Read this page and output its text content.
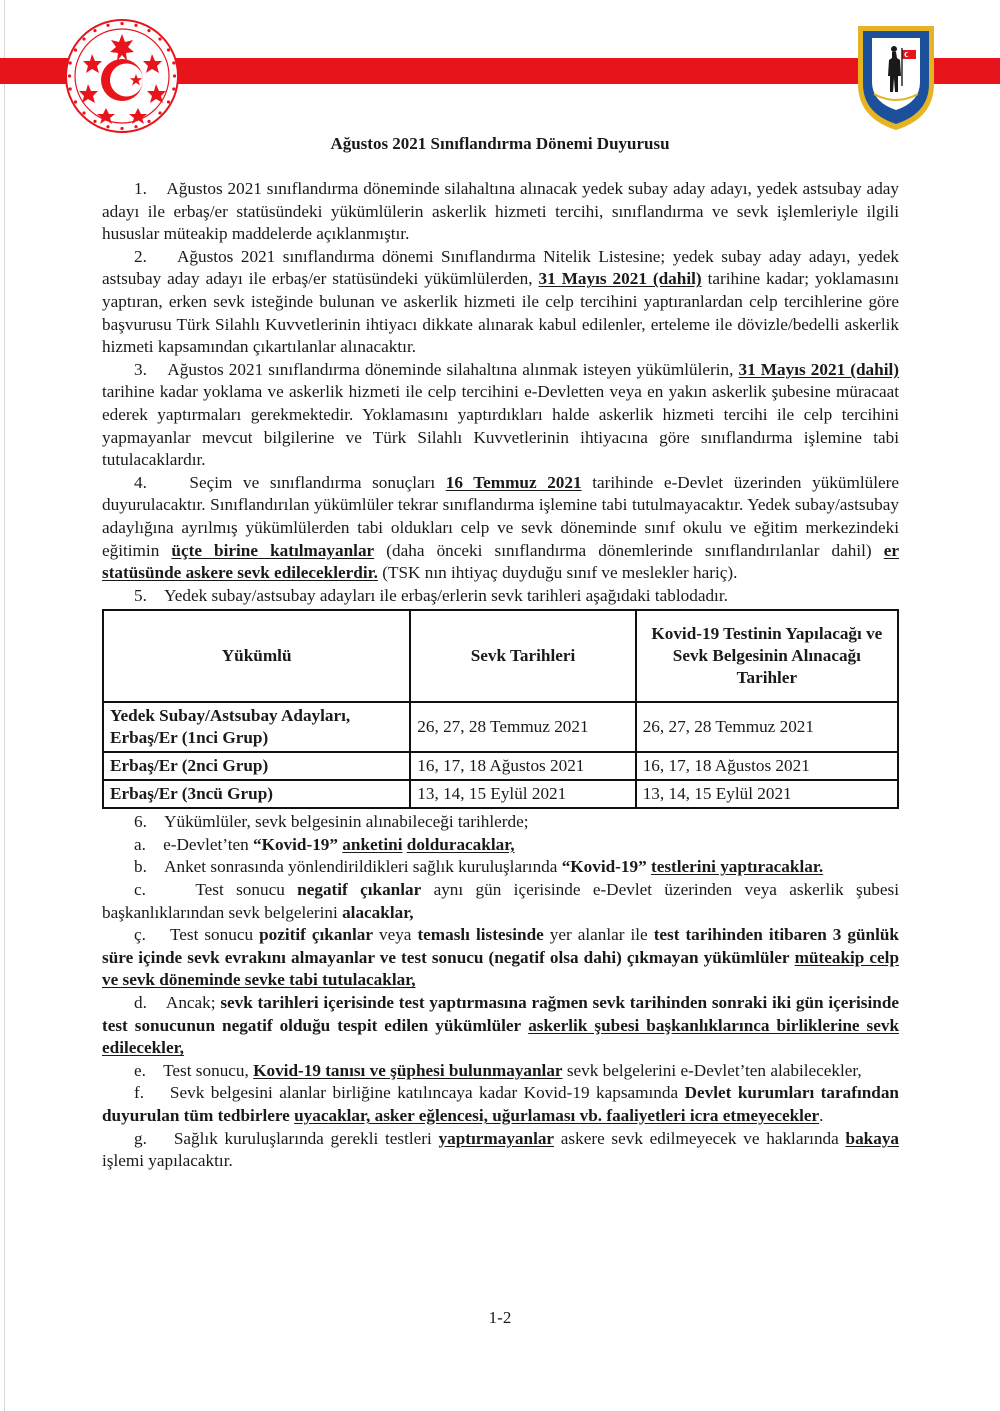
Ağustos 2021 Sınıflandırma Dönemi Duyurusu

1.    Ağustos 2021 sınıflandırma döneminde silahaltına alınacak yedek subay aday adayı, yedek astsubay aday adayı ile erbaş/er statüsündeki yükümlülerin askerlik hizmeti tercihi, sınıflandırma ve sevk işlemleriyle ilgili hususlar müteakip maddelerde açıklanmıştır.

2. Ağustos 2021 sınıflandırma dönemi Sınıflandırma Nitelik Listesine; yedek subay aday adayı, yedek astsubay aday adayı ile erbaş/er statüsündeki yükümlülerden, 31 Mayıs 2021 (dahil) tarihine kadar; yoklamasını yaptıran, erken sevk isteğinde bulunan ve askerlik hizmeti ile celp tercihini yaptıranlardan celp tercihlerine göre başvurusu Türk Silahlı Kuvvetlerinin ihtiyacı dikkate alınarak kabul edilenler, erteleme ile dövizle/bedelli askerlik hizmeti kapsamından çıkartılanlar alınacaktır.

3. Ağustos 2021 sınıflandırma döneminde silahaltına alınmak isteyen yükümlülerin, 31 Mayıs 2021 (dahil) tarihine kadar yoklama ve askerlik hizmeti ile celp tercihini e-Devletten veya en yakın askerlik şubesine müracaat ederek yaptırmaları gerekmektedir. Yoklamasını yaptırdıkları halde askerlik hizmeti tercihi ile celp tercihini yapmayanlar mevcut bilgilerine ve Türk Silahlı Kuvvetlerinin ihtiyacına göre sınıflandırma işlemine tabi tutulacaklardır.

4. Seçim ve sınıflandırma sonuçları 16 Temmuz 2021 tarihinde e-Devlet üzerinden yükümlülere duyurulacaktır. Sınıflandırılan yükümlüler tekrar sınıflandırma işlemine tabi tutulmayacaktır. Yedek subay/astsubay adaylığına ayrılmış yükümlülerden tabi oldukları celp ve sevk döneminde sınıf okulu ve eğitim merkezindeki eğitimin üçte birine katılmayanlar (daha önceki sınıflandırma dönemlerinde sınıflandırılanlar dahil) er statüsünde askere sevk edileceklerdir. (TSK nın ihtiyaç duyduğu sınıf ve meslekler hariç).

5. Yedek subay/astsubay adayları ile erbaş/erlerin sevk tarihleri aşağıdaki tablodadır.

Yükümlü	Sevk Tarihleri	Kovid-19 Testinin Yapılacağı ve Sevk Belgesinin Alınacağı Tarihler
Yedek Subay/Astsubay Adayları, Erbaş/Er (1nci Grup)	26, 27, 28 Temmuz 2021	26, 27, 28 Temmuz 2021
Erbaş/Er (2nci Grup)	16, 17, 18 Ağustos 2021	16, 17, 18 Ağustos 2021
Erbaş/Er (3ncü Grup)	13, 14, 15 Eylül 2021	13, 14, 15 Eylül 2021

6. Yükümlüler, sevk belgesinin alınabileceği tarihlerde;

a. e-Devlet’ten “Kovid-19” anketini dolduracaklar,

b. Anket sonrasında yönlendirildikleri sağlık kuruluşlarında “Kovid-19” testlerini yaptıracaklar.

c.	Test sonucu negatif çıkanlar aynı gün içerisinde e-Devlet üzerinden veya askerlik şubesi başkanlıklarından sevk belgelerini alacaklar,

ç. Test sonucu pozitif çıkanlar veya temaslı listesinde yer alanlar ile test tarihinden itibaren 3 günlük süre içinde sevk evrakını almayanlar ve test sonucu (negatif olsa dahi) çıkmayan yükümlüler müteakip celp ve sevk döneminde sevke tabi tutulacaklar,

d. Ancak; sevk tarihleri içerisinde test yaptırmasına rağmen sevk tarihinden sonraki iki gün içerisinde test sonucunun negatif olduğu tespit edilen yükümlüler askerlik şubesi başkanlıklarınca birliklerine sevk edilecekler,

e. Test sonucu, Kovid-19 tanısı ve şüphesi bulunmayanlar sevk belgelerini e-Devlet’ten alabilecekler,

f. Sevk belgesini alanlar birliğine katılıncaya kadar Kovid-19 kapsamında Devlet kurumları tarafından duyurulan tüm tedbirlere uyacaklar, asker eğlencesi, uğurlaması vb. faaliyetleri icra etmeyecekler.

g. Sağlık kuruluşlarında gerekli testleri yaptırmayanlar askere sevk edilmeyecek ve haklarında bakaya işlemi yapılacaktır.

1-2
